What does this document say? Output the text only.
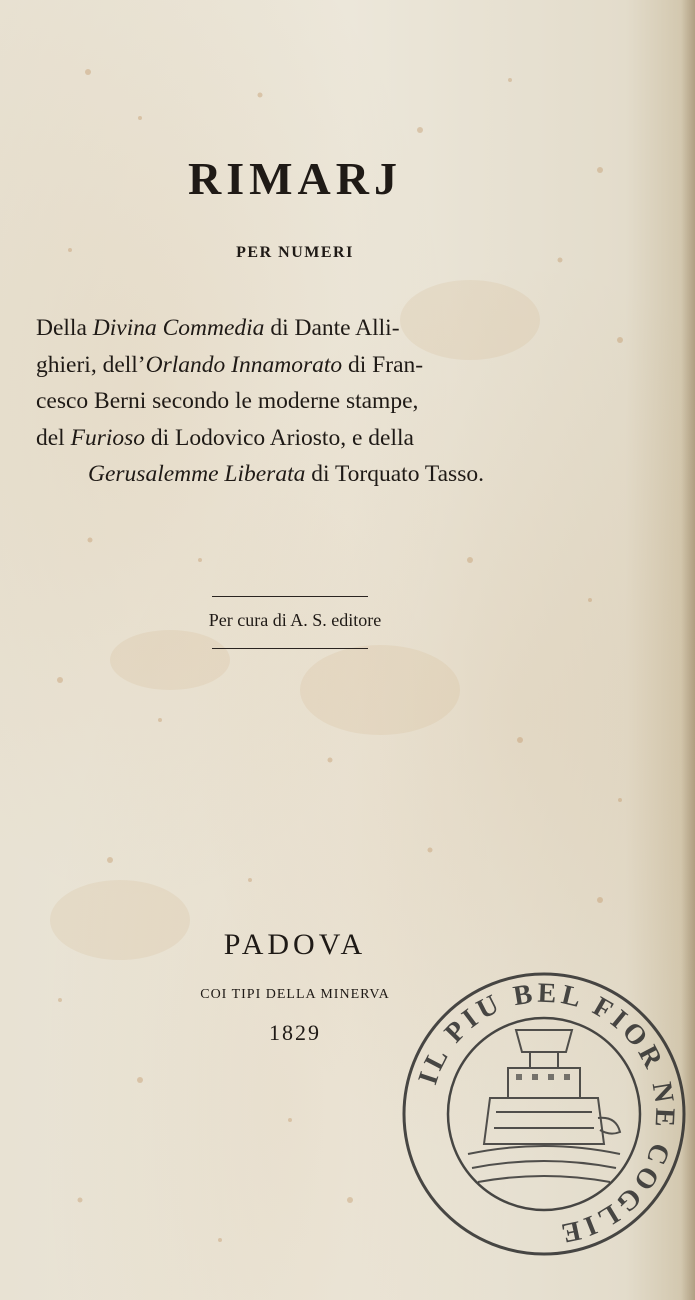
RIMARJ

PER NUMERI

Della Divina Commedia di Dante Alli-
ghieri, dell’Orlando Innamorato di Fran-
cesco Berni secondo le moderne stampe,
del Furioso di Lodovico Ariosto, e della
Gerusalemme Liberata di Torquato Tasso.

Per cura di A. S. editore

PADOVA

COI TIPI DELLA MINERVA

1829

IL PIU BEL FIOR NE COGLIE
